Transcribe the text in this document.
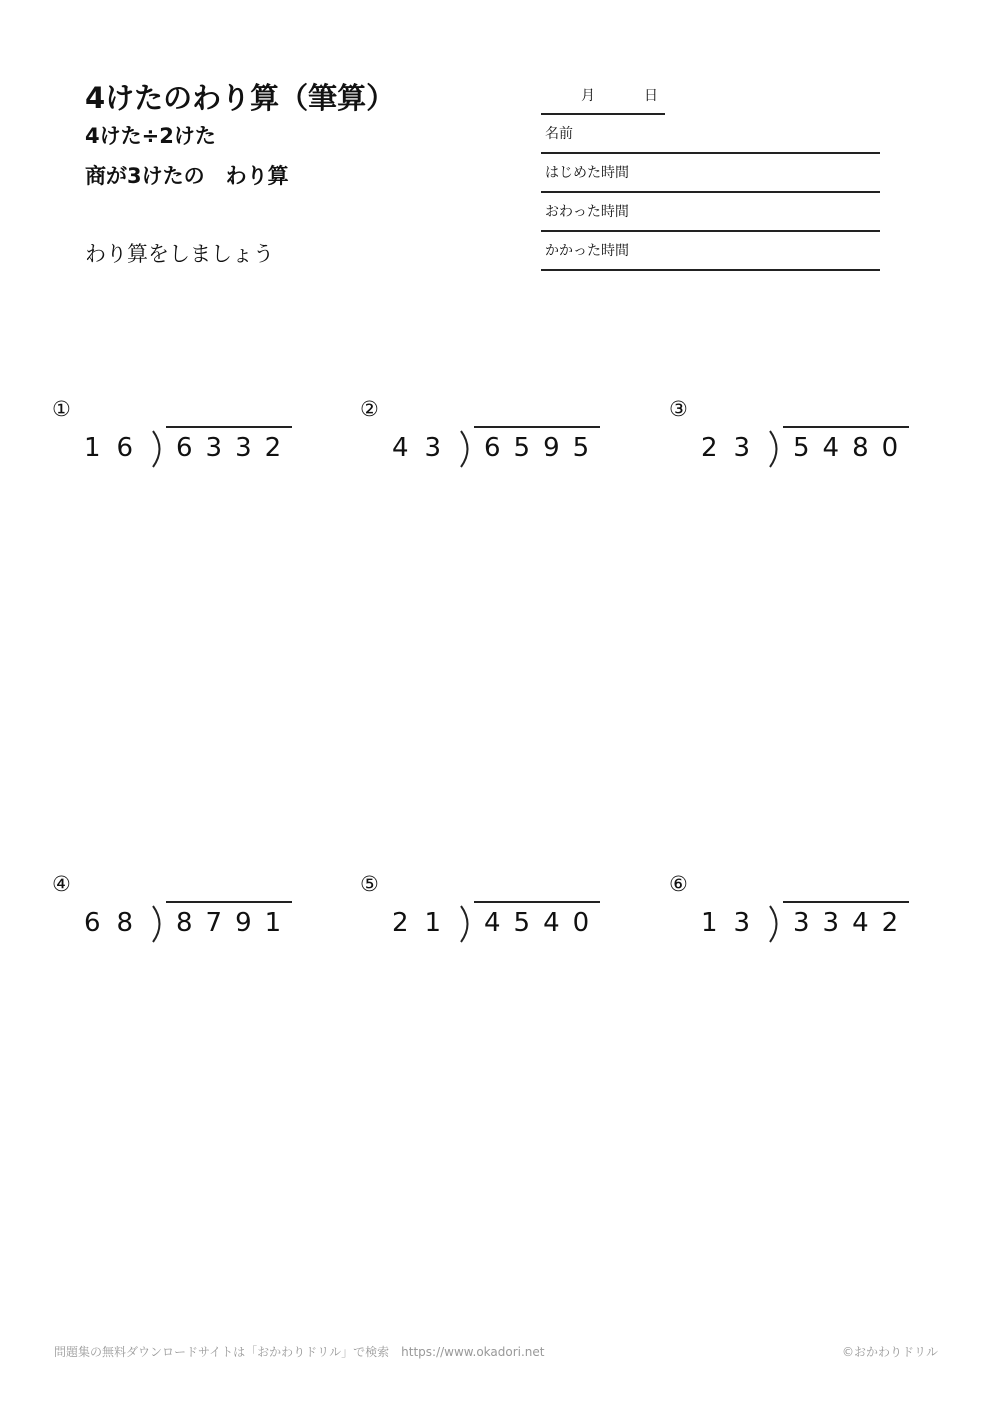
4けたのわり算（筆算）
4けた÷2けた
商が3けたの　わり算
わり算をしましょう
月	日
名前
はじめた時間
おわった時間
かかった時間
①
16	6332
②
43	6595
③
23	5480
④
68	8791
⑤
21	4540
⑥
13	3342
問題集の無料ダウンロードサイトは「おかわりドリル」で検索　https://www.okadori.net	©おかわりドリル
